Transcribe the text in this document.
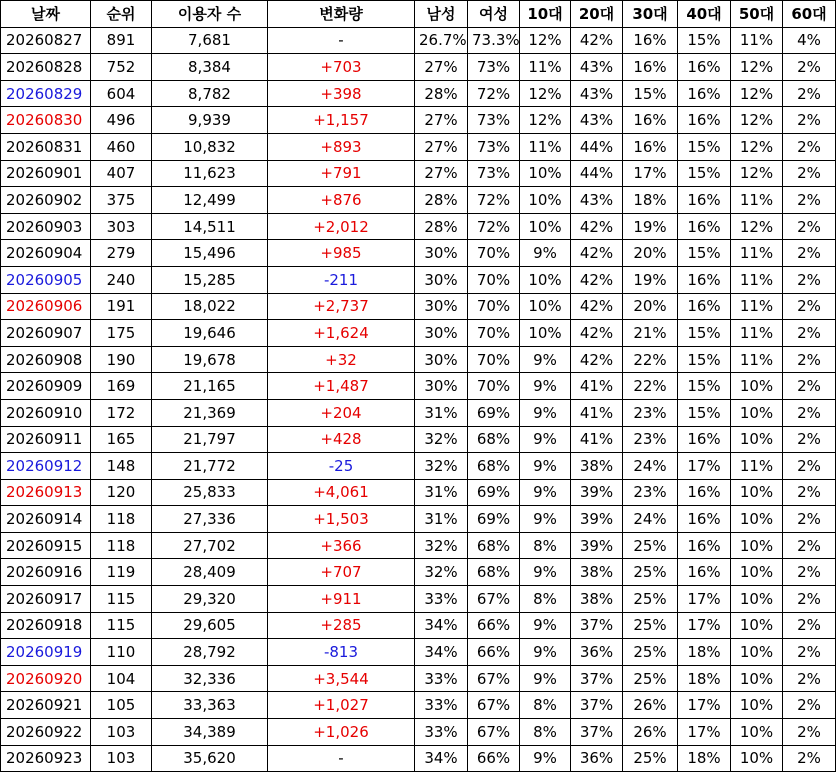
날짜	순위	이용자 수	변화량	남성	여성	10대	20대	30대	40대	50대	60대
20260827	891	7,681	-	26.7%	73.3%	12%	42%	16%	15%	11%	4%
20260828	752	8,384	+703	27%	73%	11%	43%	16%	16%	12%	2%
20260829	604	8,782	+398	28%	72%	12%	43%	15%	16%	12%	2%
20260830	496	9,939	+1,157	27%	73%	12%	43%	16%	16%	12%	2%
20260831	460	10,832	+893	27%	73%	11%	44%	16%	15%	12%	2%
20260901	407	11,623	+791	27%	73%	10%	44%	17%	15%	12%	2%
20260902	375	12,499	+876	28%	72%	10%	43%	18%	16%	11%	2%
20260903	303	14,511	+2,012	28%	72%	10%	42%	19%	16%	12%	2%
20260904	279	15,496	+985	30%	70%	9%	42%	20%	15%	11%	2%
20260905	240	15,285	-211	30%	70%	10%	42%	19%	16%	11%	2%
20260906	191	18,022	+2,737	30%	70%	10%	42%	20%	16%	11%	2%
20260907	175	19,646	+1,624	30%	70%	10%	42%	21%	15%	11%	2%
20260908	190	19,678	+32	30%	70%	9%	42%	22%	15%	11%	2%
20260909	169	21,165	+1,487	30%	70%	9%	41%	22%	15%	10%	2%
20260910	172	21,369	+204	31%	69%	9%	41%	23%	15%	10%	2%
20260911	165	21,797	+428	32%	68%	9%	41%	23%	16%	10%	2%
20260912	148	21,772	-25	32%	68%	9%	38%	24%	17%	11%	2%
20260913	120	25,833	+4,061	31%	69%	9%	39%	23%	16%	10%	2%
20260914	118	27,336	+1,503	31%	69%	9%	39%	24%	16%	10%	2%
20260915	118	27,702	+366	32%	68%	8%	39%	25%	16%	10%	2%
20260916	119	28,409	+707	32%	68%	9%	38%	25%	16%	10%	2%
20260917	115	29,320	+911	33%	67%	8%	38%	25%	17%	10%	2%
20260918	115	29,605	+285	34%	66%	9%	37%	25%	17%	10%	2%
20260919	110	28,792	-813	34%	66%	9%	36%	25%	18%	10%	2%
20260920	104	32,336	+3,544	33%	67%	9%	37%	25%	18%	10%	2%
20260921	105	33,363	+1,027	33%	67%	8%	37%	26%	17%	10%	2%
20260922	103	34,389	+1,026	33%	67%	8%	37%	26%	17%	10%	2%
20260923	103	35,620	-	34%	66%	9%	36%	25%	18%	10%	2%
